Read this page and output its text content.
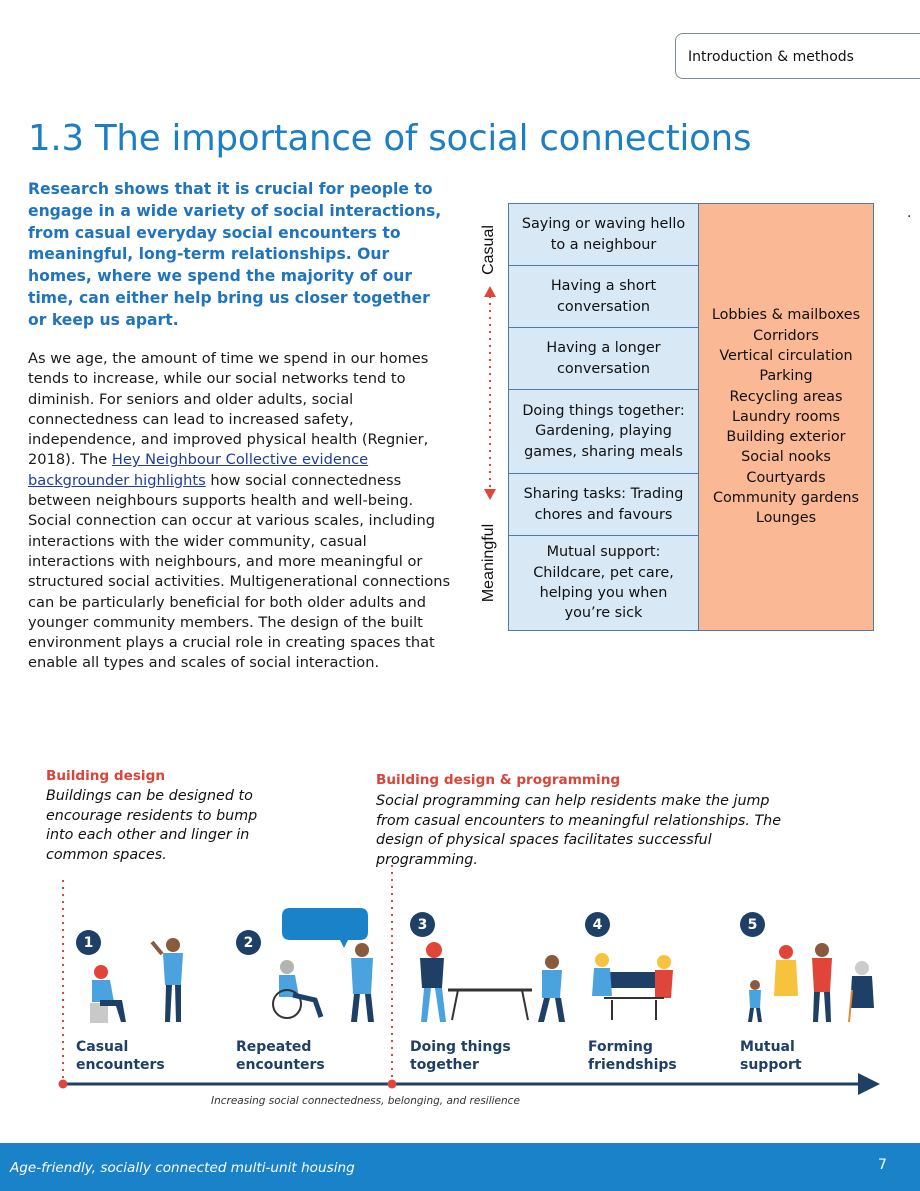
Introduction & methods
1.3 The importance of social connections
Research shows that it is crucial for people to engage in a wide variety of social interactions, from casual everyday social encounters to meaningful, long-term relationships. Our homes, where we spend the majority of our time, can either help bring us closer together or keep us apart.
As we age, the amount of time we spend in our homes tends to increase, while our social networks tend to diminish. For seniors and older adults, social connectedness can lead to increased safety, independence, and improved physical health (Regnier, 2018). The Hey Neighbour Collective evidence backgrounder highlights how social connectedness between neighbours supports health and well-being. Social connection can occur at various scales, including interactions with the wider community, casual interactions with neighbours, and more meaningful or structured social activities. Multigenerational connections can be particularly beneficial for both older adults and younger community members. The design of the built environment plays a crucial role in creating spaces that enable all types and scales of social interaction.
.
Casual
Meaningful
Saying or waving hello to a neighbour
Having a short conversation
Having a longer conversation
Doing things together: Gardening, playing games, sharing meals
Sharing tasks: Trading chores and favours
Mutual support: Childcare, pet care, helping you when you’re sick
Lobbies & mailboxes
Corridors
Vertical circulation
Parking
Recycling areas
Laundry rooms
Building exterior
Social nooks
Courtyards
Community gardens
Lounges
Building design
Buildings can be designed to encourage residents to bump into each other and linger in common spaces.
Building design & programming
Social programming can help residents make the jump from casual encounters to meaningful relationships. The design of physical spaces facilitates successful programming.
1
Casual
encounters
2
Repeated
encounters
3
Doing things
together
4
Forming
friendships
5
Mutual
support
Increasing social connectedness, belonging, and resilience
Age-friendly, socially connected multi-unit housing	7
